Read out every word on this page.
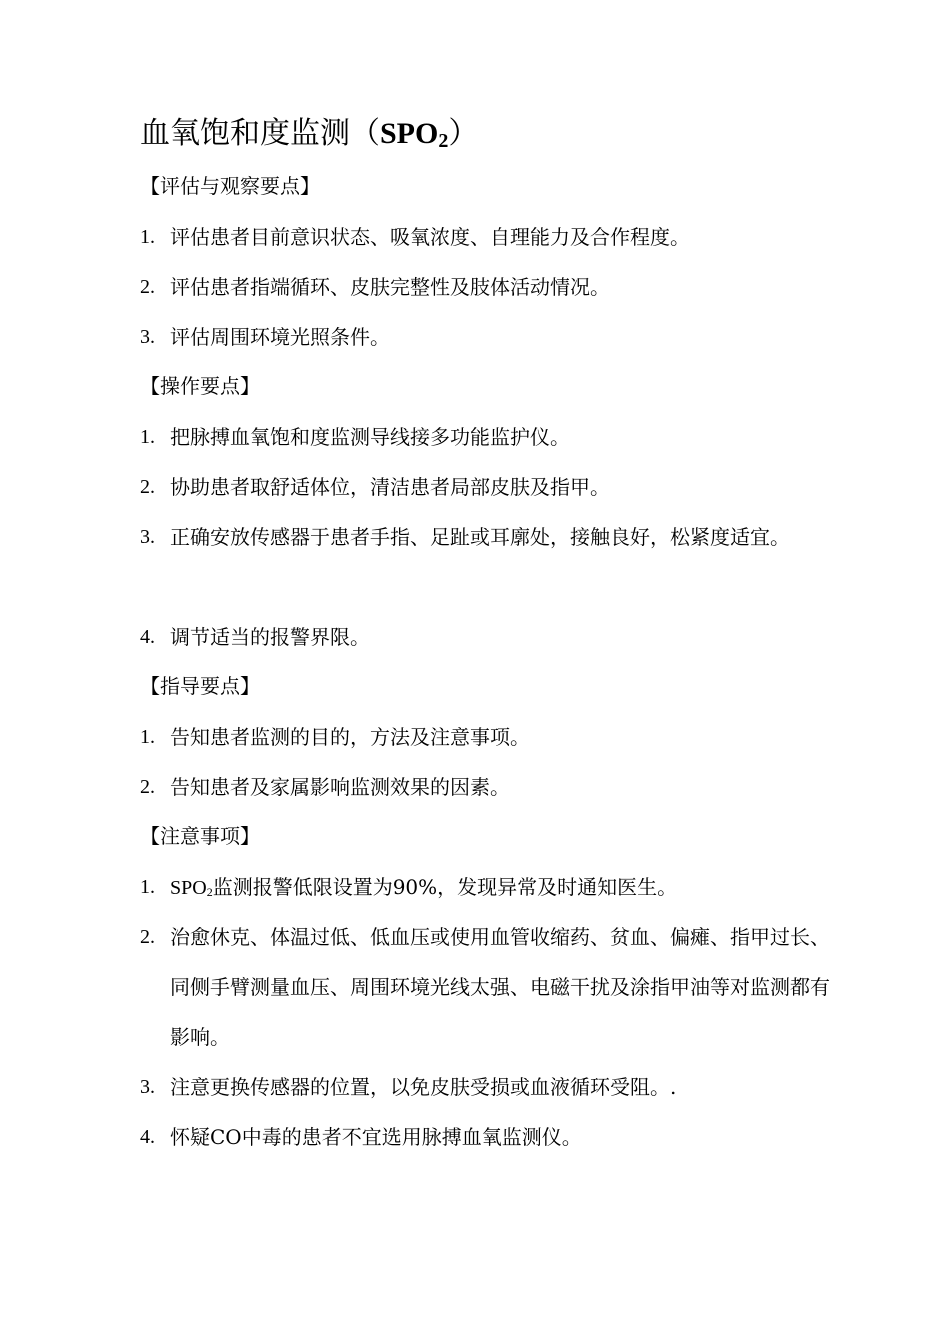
血氧饱和度监测$(SPO_2)$
【评估与观察要点】
1. 评估患者目前意识状态、吸氧浓度、自理能力及合作程度。
2. 评估患者指端循环、皮肤完整性及肢体活动情况。
3. 评估周围环境光照条件。
【操作要点】
1. 把脉搏血氧饱和度监测导线接多功能监护仪。
2. 协助患者取舒适体位，清洁患者局部皮肤及指甲。
3. 正确安放传感器于患者手指、足趾或耳廓处，接触良好，松紧度适宜。
4. 调节适当的报警界限。
【指导要点】
1. 告知患者监测的目的，方法及注意事项。
2. 告知患者及家属影响监测效果的因素。
【注意事项】
1. $SPO_2$监测报警低限设置为90%，发现异常及时通知医生。
2. 治愈休克、体温过低、低血压或使用血管收缩药、贫血、偏瘫、指甲过长、同侧手臂测量血压、周围环境光线太强、电磁干扰及涂指甲油等对监测都有影响。
3. 注意更换传感器的位置，以免皮肤受损或血液循环受阻。.
4. 怀疑CO中毒的患者不宜选用脉搏血氧监测仪。
